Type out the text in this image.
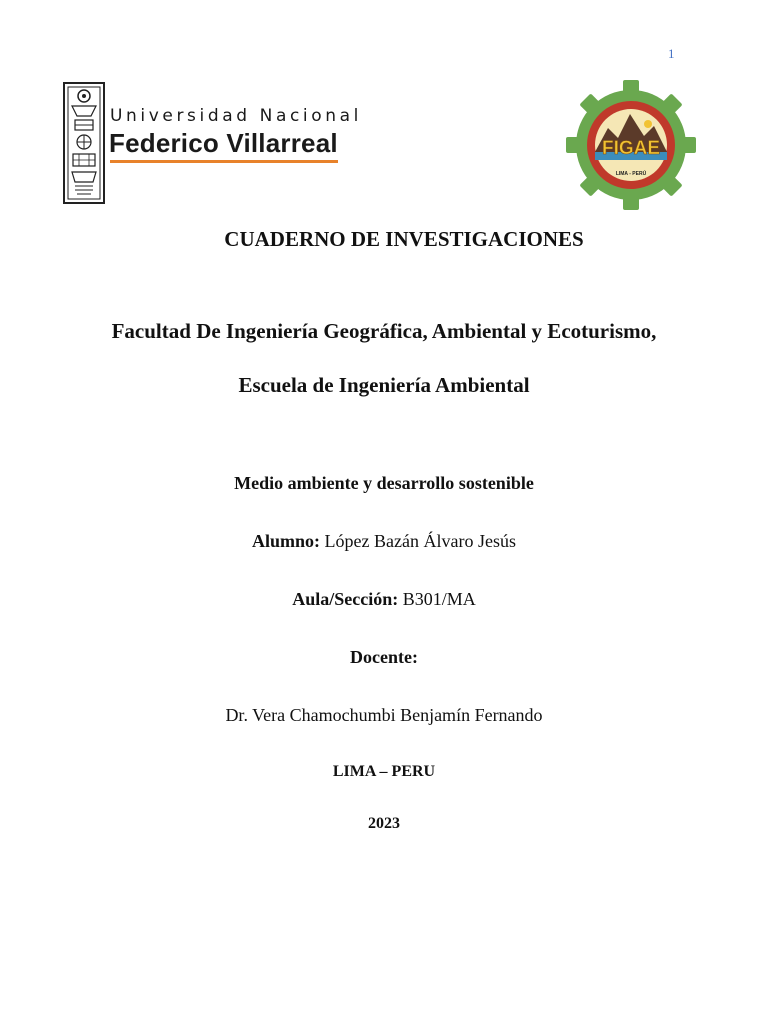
1
Universidad Nacional
Federico Villarreal	FIGAE
LIMA - PERÚ
CUADERNO DE INVESTIGACIONES
Facultad De Ingeniería Geográfica, Ambiental y Ecoturismo,
Escuela de Ingeniería Ambiental
Medio ambiente y desarrollo sostenible
Alumno: López Bazán Álvaro Jesús
Aula/Sección: B301/MA
Docente:
Dr. Vera Chamochumbi Benjamín Fernando
LIMA – PERU
2023
